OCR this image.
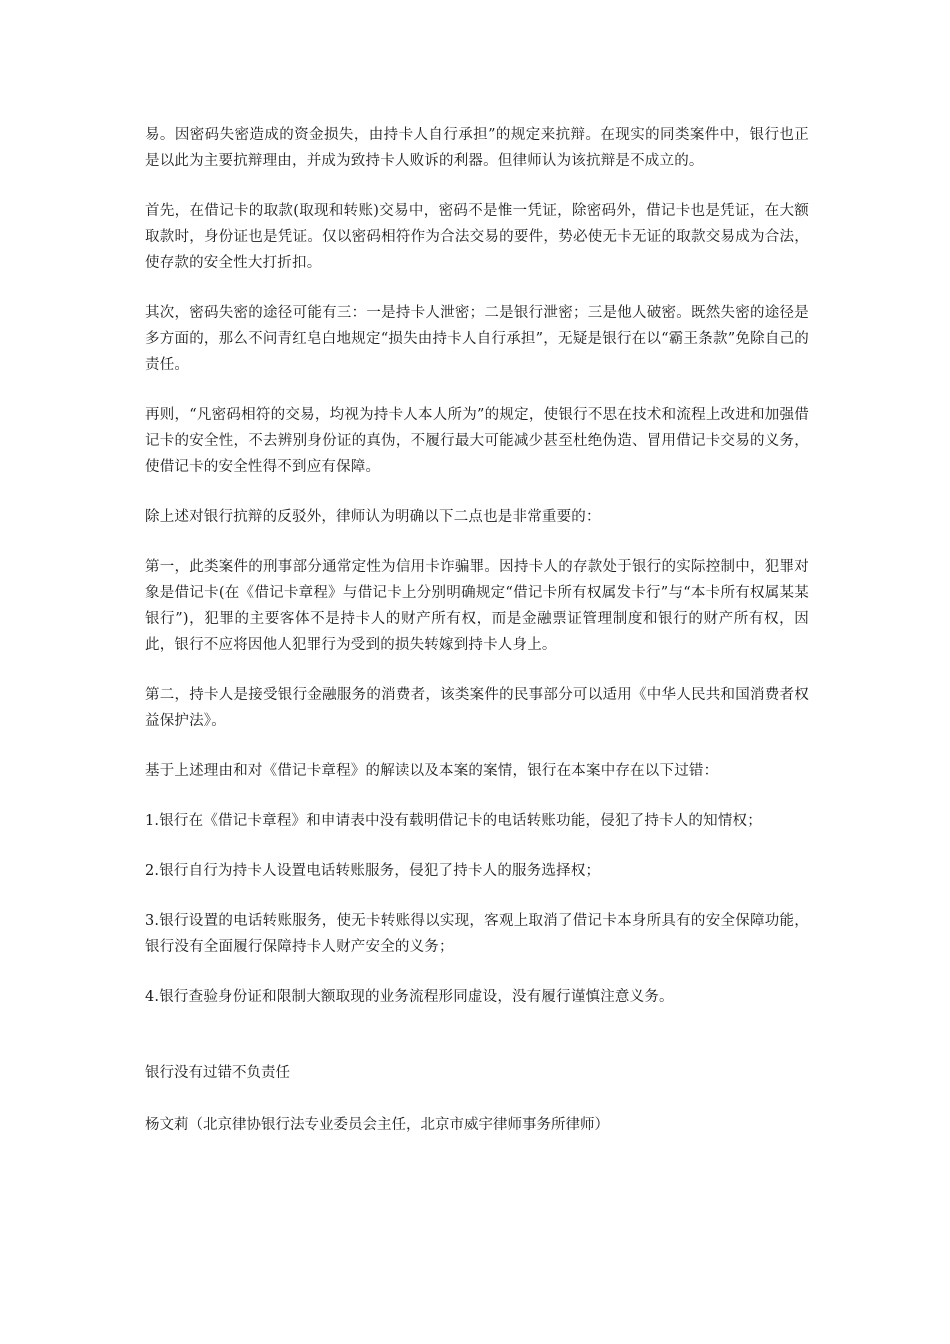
易。因密码失密造成的资金损失，由持卡人自行承担”的规定来抗辩。在现实的同类案件中，银行也正是以此为主要抗辩理由，并成为致持卡人败诉的利器。但律师认为该抗辩是不成立的。

首先，在借记卡的取款(取现和转账)交易中，密码不是惟一凭证，除密码外，借记卡也是凭证，在大额取款时，身份证也是凭证。仅以密码相符作为合法交易的要件，势必使无卡无证的取款交易成为合法，使存款的安全性大打折扣。

其次，密码失密的途径可能有三：一是持卡人泄密；二是银行泄密；三是他人破密。既然失密的途径是多方面的，那么不问青红皂白地规定“损失由持卡人自行承担”，无疑是银行在以“霸王条款”免除自己的责任。

再则，“凡密码相符的交易，均视为持卡人本人所为”的规定，使银行不思在技术和流程上改进和加强借记卡的安全性，不去辨别身份证的真伪，不履行最大可能减少甚至杜绝伪造、冒用借记卡交易的义务，使借记卡的安全性得不到应有保障。

除上述对银行抗辩的反驳外，律师认为明确以下二点也是非常重要的：

第一，此类案件的刑事部分通常定性为信用卡诈骗罪。因持卡人的存款处于银行的实际控制中，犯罪对象是借记卡(在《借记卡章程》与借记卡上分别明确规定“借记卡所有权属发卡行”与“本卡所有权属某某银行”)，犯罪的主要客体不是持卡人的财产所有权，而是金融票证管理制度和银行的财产所有权，因此，银行不应将因他人犯罪行为受到的损失转嫁到持卡人身上。

第二，持卡人是接受银行金融服务的消费者，该类案件的民事部分可以适用《中华人民共和国消费者权益保护法》。

基于上述理由和对《借记卡章程》的解读以及本案的案情，银行在本案中存在以下过错：

1.银行在《借记卡章程》和申请表中没有载明借记卡的电话转账功能，侵犯了持卡人的知情权；

2.银行自行为持卡人设置电话转账服务，侵犯了持卡人的服务选择权；

3.银行设置的电话转账服务，使无卡转账得以实现，客观上取消了借记卡本身所具有的安全保障功能，银行没有全面履行保障持卡人财产安全的义务；

4.银行查验身份证和限制大额取现的业务流程形同虚设，没有履行谨慎注意义务。

银行没有过错不负责任

杨文莉（北京律协银行法专业委员会主任，北京市威宇律师事务所律师）
